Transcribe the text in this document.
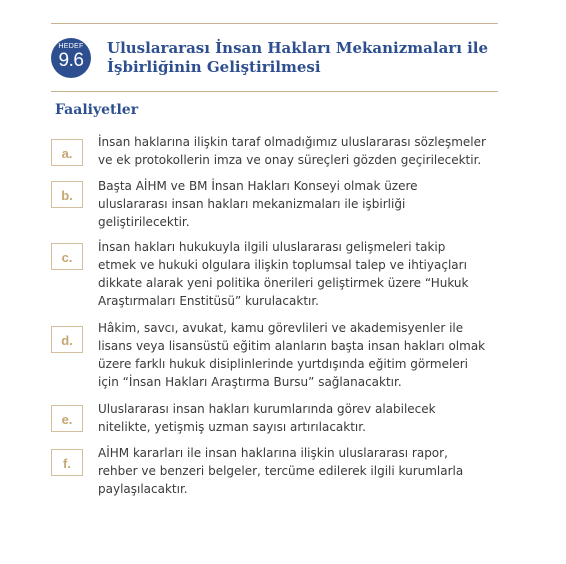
HEDEF
9.6
Uluslararası İnsan Hakları Mekanizmaları ile
İşbirliğinin Geliştirilmesi
Faaliyetler
a.
İnsan haklarına ilişkin taraf olmadığımız uluslararası sözleşmeler
ve ek protokollerin imza ve onay süreçleri gözden geçirilecektir.
b.
Başta AİHM ve BM İnsan Hakları Konseyi olmak üzere
uluslararası insan hakları mekanizmaları ile işbirliği
geliştirilecektir.
c.
İnsan hakları hukukuyla ilgili uluslararası gelişmeleri takip
etmek ve hukuki olgulara ilişkin toplumsal talep ve ihtiyaçları
dikkate alarak yeni politika önerileri geliştirmek üzere “Hukuk
Araştırmaları Enstitüsü” kurulacaktır.
d.
Hâkim, savcı, avukat, kamu görevlileri ve akademisyenler ile
lisans veya lisansüstü eğitim alanların başta insan hakları olmak
üzere farklı hukuk disiplinlerinde yurtdışında eğitim görmeleri
için “İnsan Hakları Araştırma Bursu” sağlanacaktır.
e.
Uluslararası insan hakları kurumlarında görev alabilecek
nitelikte, yetişmiş uzman sayısı artırılacaktır.
f.
AİHM kararları ile insan haklarına ilişkin uluslararası rapor,
rehber ve benzeri belgeler, tercüme edilerek ilgili kurumlarla
paylaşılacaktır.
